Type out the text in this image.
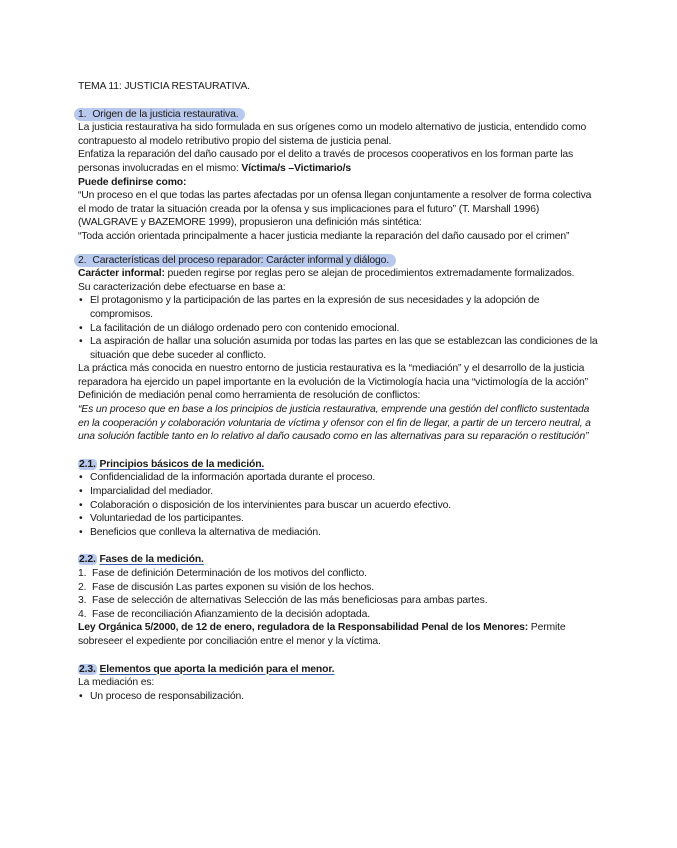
TEMA 11: JUSTICIA RESTAURATIVA.

1. Origen de la justicia restaurativa.

La justicia restaurativa ha sido formulada en sus orígenes como un modelo alternativo de justicia, entendido como contrapuesto al modelo retributivo propio del sistema de justicia penal.

Enfatiza la reparación del daño causado por el delito a través de procesos cooperativos en los forman parte las personas involucradas en el mismo: Víctima/s –Victimario/s

Puede definirse como:

“Un proceso en el que todas las partes afectadas por un ofensa llegan conjuntamente a resolver de forma colectiva el modo de tratar la situación creada por la ofensa y sus implicaciones para el futuro” (T. Marshall 1996)

(WALGRAVE y BAZEMORE 1999), propusieron una definición más sintética:

“Toda acción orientada principalmente a hacer justicia mediante la reparación del daño causado por el crimen”

2. Características del proceso reparador: Carácter informal y diálogo.

Carácter informal: pueden regirse por reglas pero se alejan de procedimientos extremadamente formalizados.

Su caracterización debe efectuarse en base a:

• El protagonismo y la participación de las partes en la expresión de sus necesidades y la adopción de compromisos.
• La facilitación de un diálogo ordenado pero con contenido emocional.
• La aspiración de hallar una solución asumida por todas las partes en las que se establezcan las condiciones de la situación que debe suceder al conflicto.

La práctica más conocida en nuestro entorno de justicia restaurativa es la “mediación” y el desarrollo de la justicia reparadora ha ejercido un papel importante en la evolución de la Victimología hacia una “victimología de la acción”

Definición de mediación penal como herramienta de resolución de conflictos:

“Es un proceso que en base a los principios de justicia restaurativa, emprende una gestión del conflicto sustentada en la cooperación y colaboración voluntaria de víctima y ofensor con el fin de llegar, a partir de un tercero neutral, a una solución factible tanto en lo relativo al daño causado como en las alternativas para su reparación o restitución”

2.1. Principios básicos de la medición.

• Confidencialidad de la información aportada durante el proceso.
• Imparcialidad del mediador.
• Colaboración o disposición de los intervinientes para buscar un acuerdo efectivo.
• Voluntariedad de los participantes.
• Beneficios que conlleva la alternativa de mediación.

2.2. Fases de la medición.

1. Fase de definición Determinación de los motivos del conflicto.
2. Fase de discusión Las partes exponen su visión de los hechos.
3. Fase de selección de alternativas Selección de las más beneficiosas para ambas partes.
4. Fase de reconciliación Afianzamiento de la decisión adoptada.

Ley Orgánica 5/2000, de 12 de enero, reguladora de la Responsabilidad Penal de los Menores: Permite sobreseer el expediente por conciliación entre el menor y la víctima.

2.3. Elementos que aporta la medición para el menor.

La mediación es:

• Un proceso de responsabilización.
